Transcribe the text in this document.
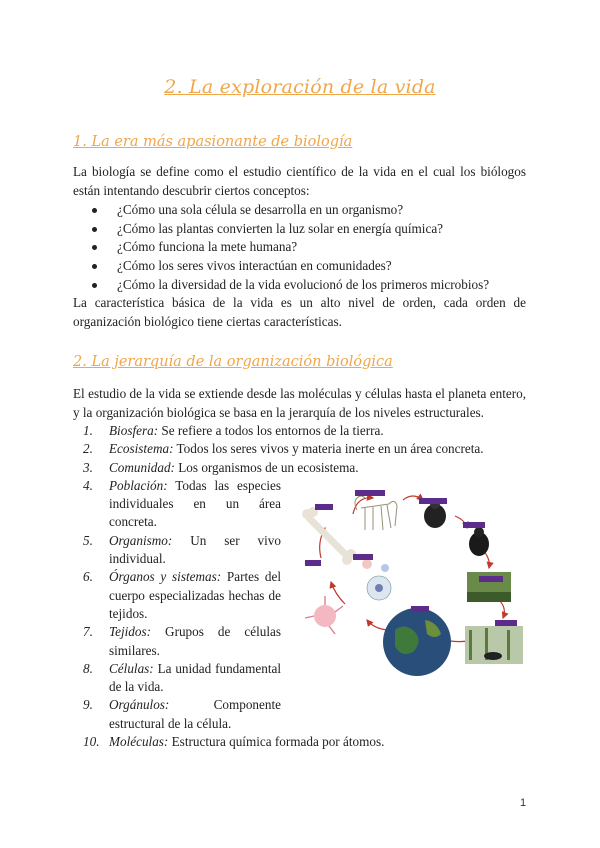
2. La exploración de la vida
1. La era más apasionante de biología
La biología se define como el estudio científico de la vida en el cual los biólogos están intentando descubrir ciertos conceptos:
¿Cómo una sola célula se desarrolla en un organismo?
¿Cómo las plantas convierten la luz solar en energía química?
¿Cómo funciona la mete humana?
¿Cómo los seres vivos interactúan en comunidades?
¿Cómo la diversidad de la vida evolucionó de los primeros microbios?
La característica básica de la vida es un alto nivel de orden, cada orden de organización biológico tiene ciertas características.
2. La jerarquía de la organización biológica
El estudio de la vida se extiende desde las moléculas y células hasta el planeta entero, y la organización biológica se basa en la jerarquía de los niveles estructurales.
1.	Biosfera: Se refiere a todos los entornos de la tierra.
2.	Ecosistema: Todos los seres vivos y materia inerte en un área concreta.
3.	Comunidad: Los organismos de un ecosistema.
4.	Población: Todas las especies individuales en un área concreta.
5.	Organismo: Un ser vivo individual.
6.	Órganos y sistemas: Partes del cuerpo especializadas hechas de tejidos.
7.	Tejidos: Grupos de células similares.
8.	Células: La unidad fundamental de la vida.
9.	Orgánulos: Componente estructural de la célula.
10. Moléculas: Estructura química formada por átomos.
1
